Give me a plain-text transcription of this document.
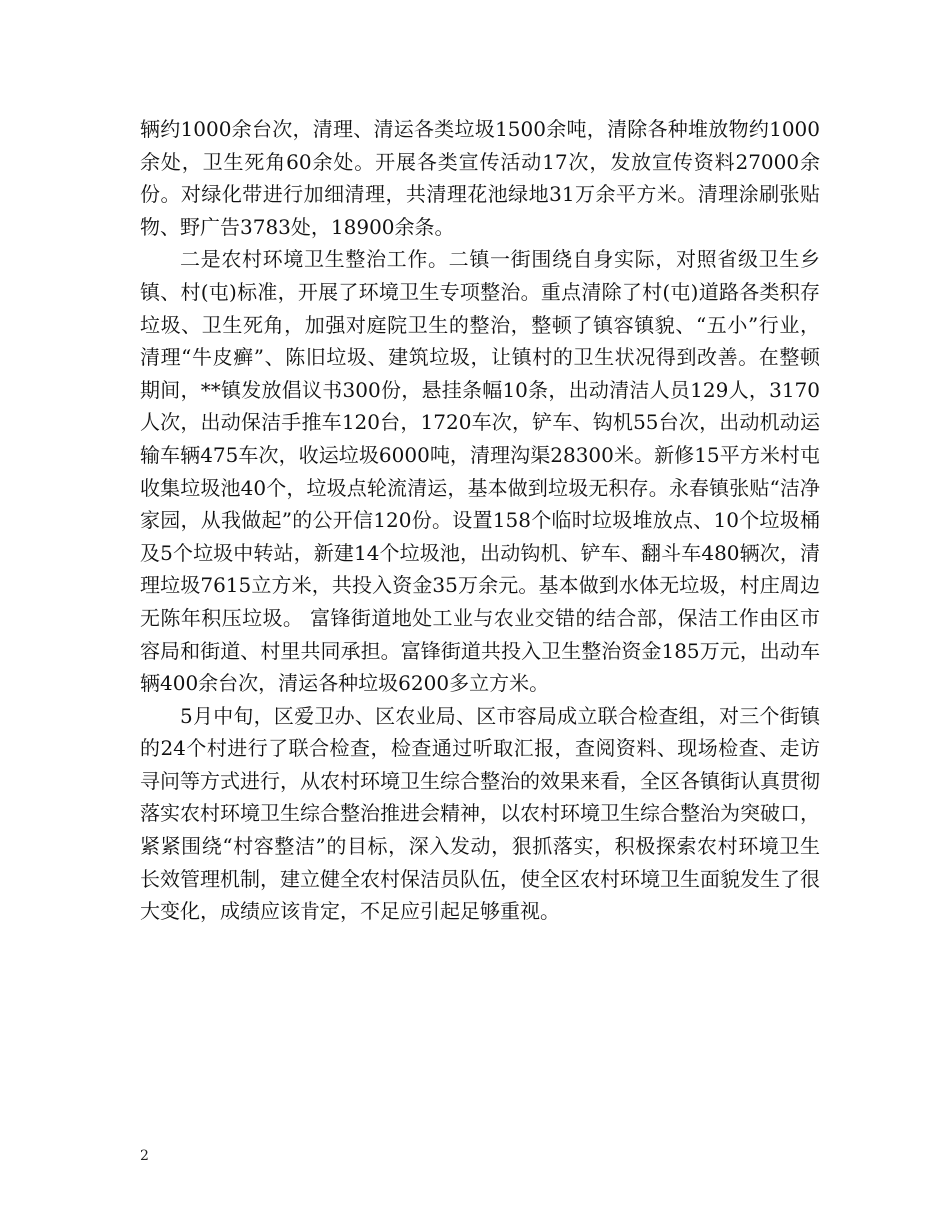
辆约1000余台次，清理、清运各类垃圾1500余吨，清除各种堆放物约1000余处，卫生死角60余处。开展各类宣传活动17次，发放宣传资料27000余份。对绿化带进行加细清理，共清理花池绿地31万余平方米。清理涂刷张贴物、野广告3783处，18900余条。

二是农村环境卫生整治工作。二镇一街围绕自身实际，对照省级卫生乡镇、村(屯)标准，开展了环境卫生专项整治。重点清除了村(屯)道路各类积存垃圾、卫生死角，加强对庭院卫生的整治，整顿了镇容镇貌、“五小”行业，清理“牛皮癣”、陈旧垃圾、建筑垃圾，让镇村的卫生状况得到改善。在整顿期间，**镇发放倡议书300份，悬挂条幅10条，出动清洁人员129人，3170人次，出动保洁手推车120台，1720车次，铲车、钩机55台次，出动机动运输车辆475车次，收运垃圾6000吨，清理沟渠28300米。新修15平方米村屯收集垃圾池40个，垃圾点轮流清运，基本做到垃圾无积存。永春镇张贴“洁净家园，从我做起”的公开信120份。设置158个临时垃圾堆放点、10个垃圾桶及5个垃圾中转站，新建14个垃圾池，出动钩机、铲车、翻斗车480辆次，清理垃圾7615立方米，共投入资金35万余元。基本做到水体无垃圾，村庄周边无陈年积压垃圾。 富锋街道地处工业与农业交错的结合部，保洁工作由区市容局和街道、村里共同承担。富锋街道共投入卫生整治资金185万元，出动车辆400余台次，清运各种垃圾6200多立方米。

5月中旬，区爱卫办、区农业局、区市容局成立联合检查组，对三个街镇的24个村进行了联合检查，检查通过听取汇报，查阅资料、现场检查、走访寻问等方式进行，从农村环境卫生综合整治的效果来看，全区各镇街认真贯彻落实农村环境卫生综合整治推进会精神，以农村环境卫生综合整治为突破口，紧紧围绕“村容整洁”的目标，深入发动，狠抓落实，积极探索农村环境卫生长效管理机制，建立健全农村保洁员队伍，使全区农村环境卫生面貌发生了很大变化，成绩应该肯定，不足应引起足够重视。

2
